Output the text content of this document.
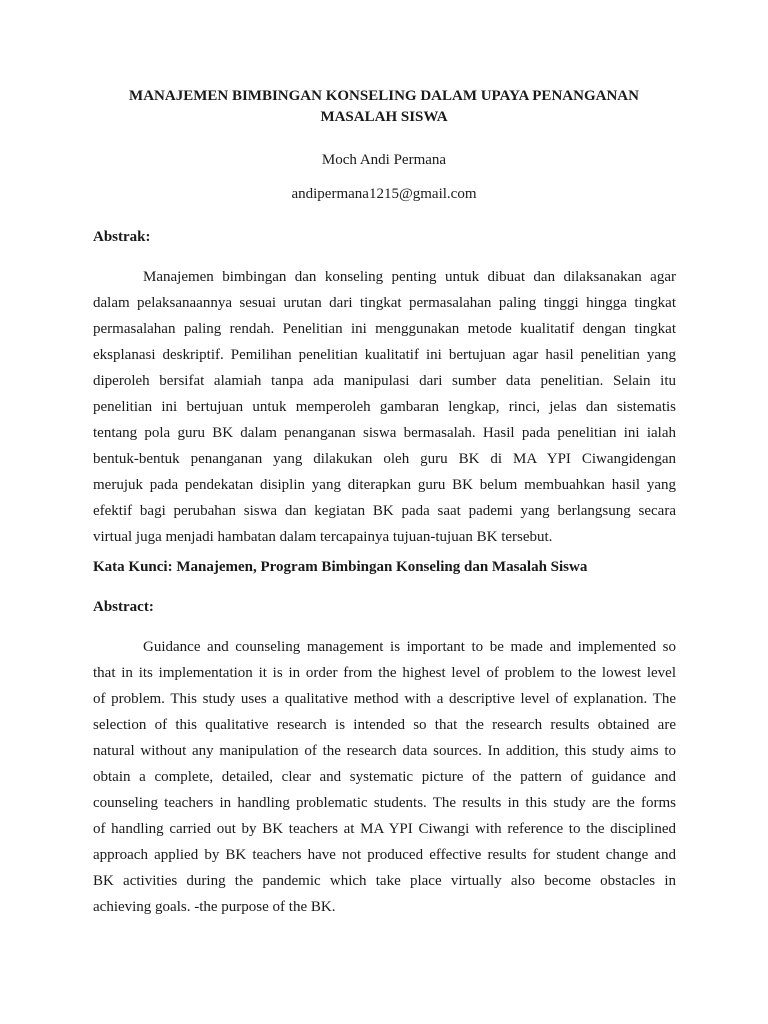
MANAJEMEN BIMBINGAN KONSELING DALAM UPAYA PENANGANAN
MASALAH SISWA
Moch Andi Permana
andipermana1215@gmail.com
Abstrak:
Manajemen bimbingan dan konseling penting untuk dibuat dan dilaksanakan agar
dalam pelaksanaannya sesuai urutan dari tingkat permasalahan paling tinggi hingga tingkat
permasalahan paling rendah. Penelitian ini menggunakan metode kualitatif dengan tingkat
eksplanasi deskriptif. Pemilihan penelitian kualitatif ini bertujuan agar hasil penelitian yang
diperoleh bersifat alamiah tanpa ada manipulasi dari sumber data penelitian. Selain itu
penelitian ini bertujuan untuk memperoleh gambaran lengkap, rinci, jelas dan sistematis
tentang pola guru BK dalam penanganan siswa bermasalah. Hasil pada penelitian ini ialah
bentuk-bentuk penanganan yang dilakukan oleh guru BK di MA YPI Ciwangidengan
merujuk pada pendekatan disiplin yang diterapkan guru BK belum membuahkan hasil yang
efektif bagi perubahan siswa dan kegiatan BK pada saat pademi yang berlangsung secara
virtual juga menjadi hambatan dalam tercapainya tujuan-tujuan BK tersebut.
Kata Kunci: Manajemen, Program Bimbingan Konseling dan Masalah Siswa
Abstract:
Guidance and counseling management is important to be made and implemented so
that in its implementation it is in order from the highest level of problem to the lowest level
of problem. This study uses a qualitative method with a descriptive level of explanation. The
selection of this qualitative research is intended so that the research results obtained are
natural without any manipulation of the research data sources. In addition, this study aims to
obtain a complete, detailed, clear and systematic picture of the pattern of guidance and
counseling teachers in handling problematic students. The results in this study are the forms
of handling carried out by BK teachers at MA YPI Ciwangi with reference to the disciplined
approach applied by BK teachers have not produced effective results for student change and
BK activities during the pandemic which take place virtually also become obstacles in
achieving goals. -the purpose of the BK.
